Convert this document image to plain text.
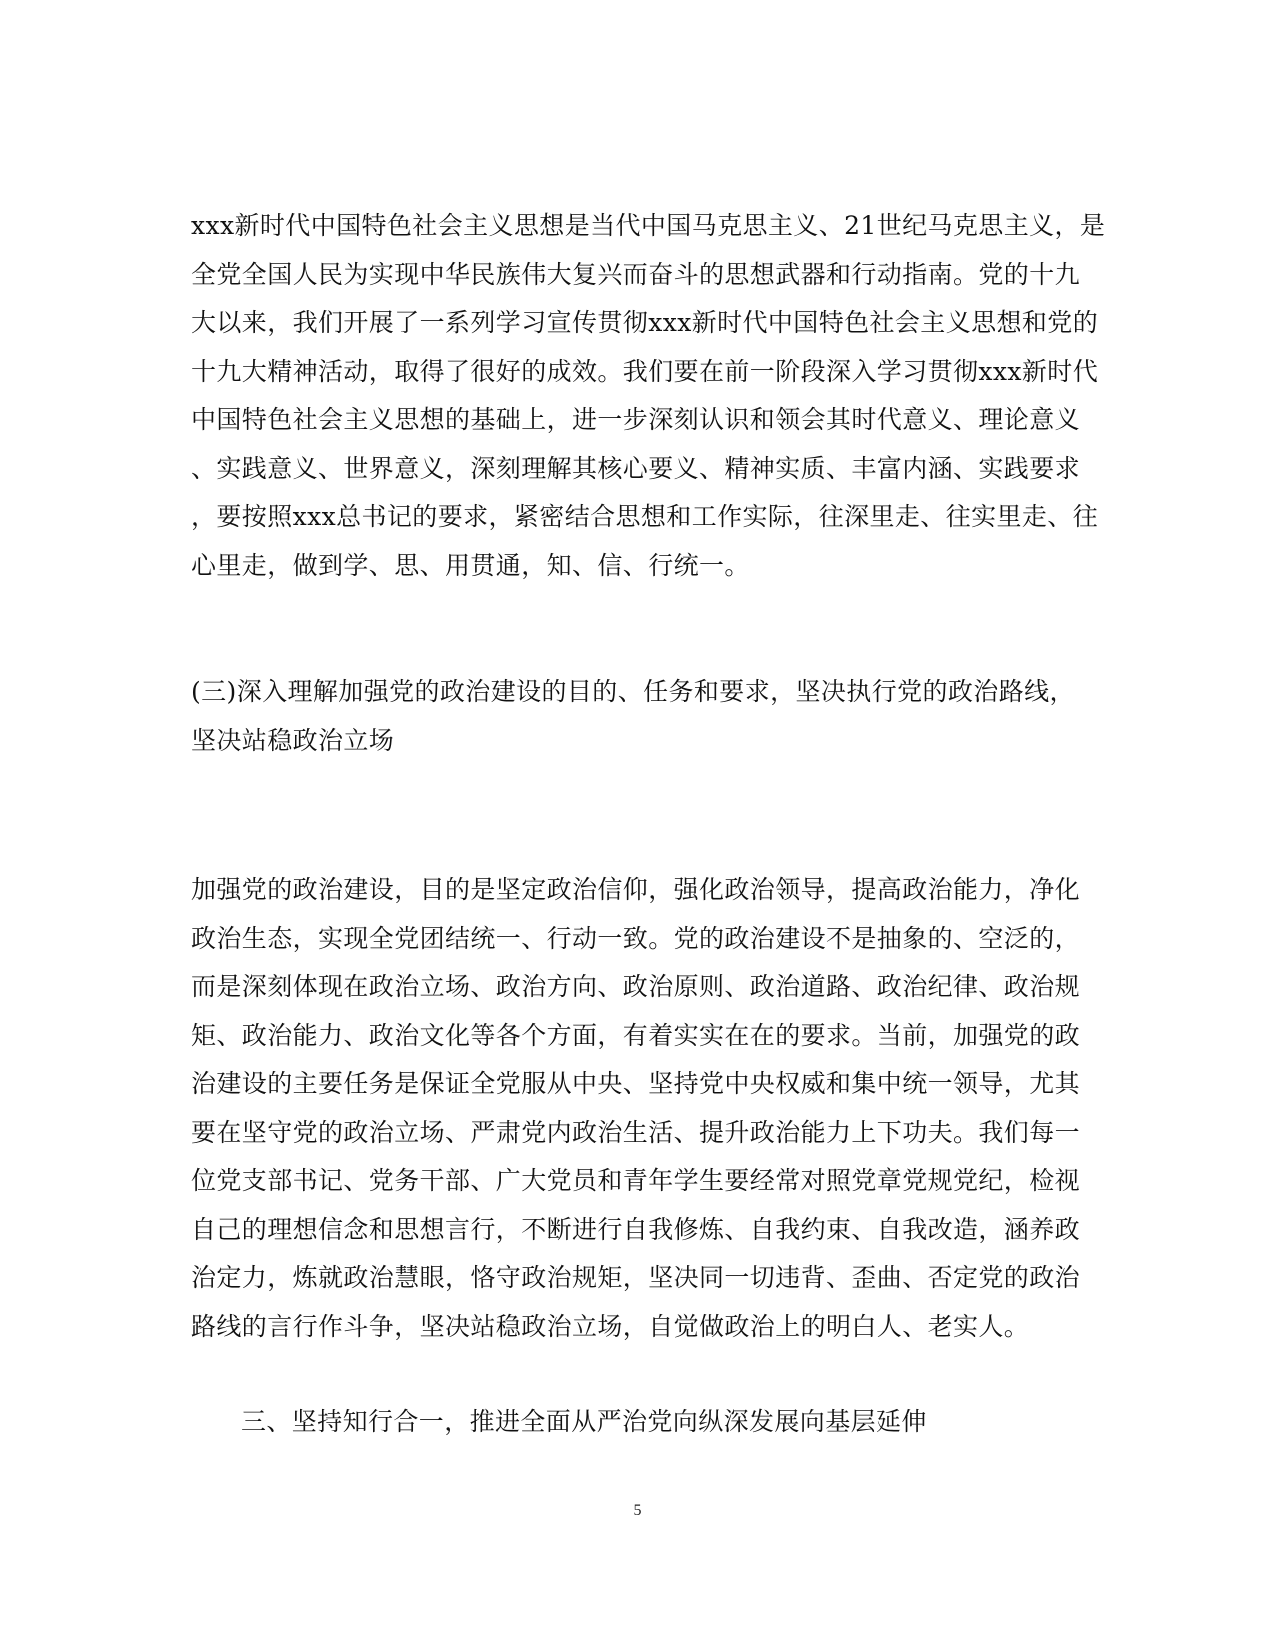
xxx新时代中国特色社会主义思想是当代中国马克思主义、21世纪马克思主义，是
全党全国人民为实现中华民族伟大复兴而奋斗的思想武器和行动指南。党的十九
大以来，我们开展了一系列学习宣传贯彻xxx新时代中国特色社会主义思想和党的
十九大精神活动，取得了很好的成效。我们要在前一阶段深入学习贯彻xxx新时代
中国特色社会主义思想的基础上，进一步深刻认识和领会其时代意义、理论意义
、实践意义、世界意义，深刻理解其核心要义、精神实质、丰富内涵、实践要求
，要按照xxx总书记的要求，紧密结合思想和工作实际，往深里走、往实里走、往
心里走，做到学、思、用贯通，知、信、行统一。
(三)深入理解加强党的政治建设的目的、任务和要求，坚决执行党的政治路线，
坚决站稳政治立场
加强党的政治建设，目的是坚定政治信仰，强化政治领导，提高政治能力，净化
政治生态，实现全党团结统一、行动一致。党的政治建设不是抽象的、空泛的，
而是深刻体现在政治立场、政治方向、政治原则、政治道路、政治纪律、政治规
矩、政治能力、政治文化等各个方面，有着实实在在的要求。当前，加强党的政
治建设的主要任务是保证全党服从中央、坚持党中央权威和集中统一领导，尤其
要在坚守党的政治立场、严肃党内政治生活、提升政治能力上下功夫。我们每一
位党支部书记、党务干部、广大党员和青年学生要经常对照党章党规党纪，检视
自己的理想信念和思想言行，不断进行自我修炼、自我约束、自我改造，涵养政
治定力，炼就政治慧眼，恪守政治规矩，坚决同一切违背、歪曲、否定党的政治
路线的言行作斗争，坚决站稳政治立场，自觉做政治上的明白人、老实人。
三、坚持知行合一，推进全面从严治党向纵深发展向基层延伸
5
